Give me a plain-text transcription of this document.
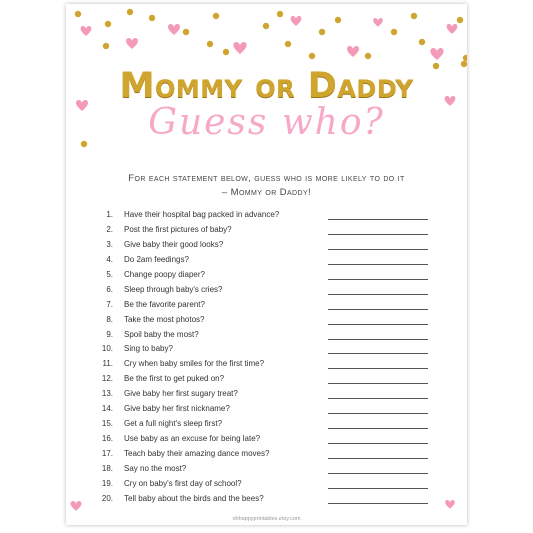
MOMMY OR DADDY
Guess who?
For each statement below, guess who is more likely to do it
– Mommy or Daddy!
1. Have their hospital bag packed in advance?
2. Post the first pictures of baby?
3. Give baby their good looks?
4. Do 2am feedings?
5. Change poopy diaper?
6. Sleep through baby's cries?
7. Be the favorite parent?
8. Take the most photos?
9. Spoil baby the most?
10. Sing to baby?
11. Cry when baby smiles for the first time?
12. Be the first to get puked on?
13. Give baby her first sugary treat?
14. Give baby her first nickname?
15. Get a full night's sleep first?
16. Use baby as an excuse for being late?
17. Teach baby their amazing dance moves?
18. Say no the most?
19. Cry on baby's first day of school?
20. Tell baby about the birds and the bees?
ohhappyprintables.etsy.com
